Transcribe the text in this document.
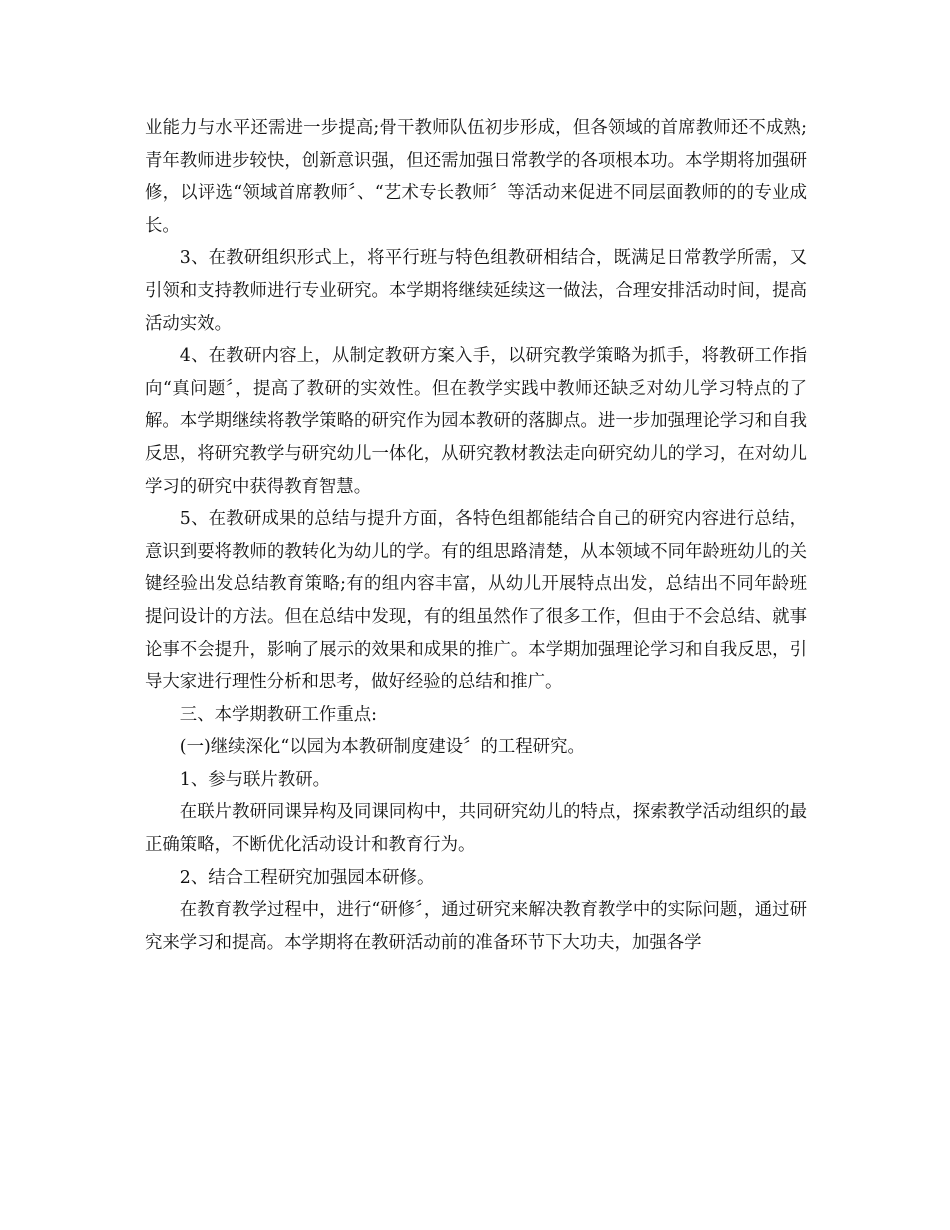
业能力与水平还需进一步提高;骨干教师队伍初步形成，但各领域的首席教师还不成熟;青年教师进步较快，创新意识强，但还需加强日常教学的各项根本功。本学期将加强研修，以评选“领域首席教师〞、“艺术专长教师〞等活动来促进不同层面教师的的专业成长。

3、在教研组织形式上，将平行班与特色组教研相结合，既满足日常教学所需，又引领和支持教师进行专业研究。本学期将继续延续这一做法，合理安排活动时间，提高活动实效。

4、在教研内容上，从制定教研方案入手，以研究教学策略为抓手，将教研工作指向“真问题〞，提高了教研的实效性。但在教学实践中教师还缺乏对幼儿学习特点的了解。本学期继续将教学策略的研究作为园本教研的落脚点。进一步加强理论学习和自我反思，将研究教学与研究幼儿一体化，从研究教材教法走向研究幼儿的学习，在对幼儿学习的研究中获得教育智慧。

5、在教研成果的总结与提升方面，各特色组都能结合自己的研究内容进行总结，意识到要将教师的教转化为幼儿的学。有的组思路清楚，从本领域不同年龄班幼儿的关键经验出发总结教育策略;有的组内容丰富，从幼儿开展特点出发，总结出不同年龄班提问设计的方法。但在总结中发现，有的组虽然作了很多工作，但由于不会总结、就事论事不会提升，影响了展示的效果和成果的推广。本学期加强理论学习和自我反思，引导大家进行理性分析和思考，做好经验的总结和推广。

三、本学期教研工作重点:

(一)继续深化“以园为本教研制度建设〞的工程研究。

1、参与联片教研。

在联片教研同课异构及同课同构中，共同研究幼儿的特点，探索教学活动组织的最正确策略，不断优化活动设计和教育行为。

2、结合工程研究加强园本研修。

在教育教学过程中，进行“研修〞，通过研究来解决教育教学中的实际问题，通过研究来学习和提高。本学期将在教研活动前的准备环节下大功夫，加强各学
